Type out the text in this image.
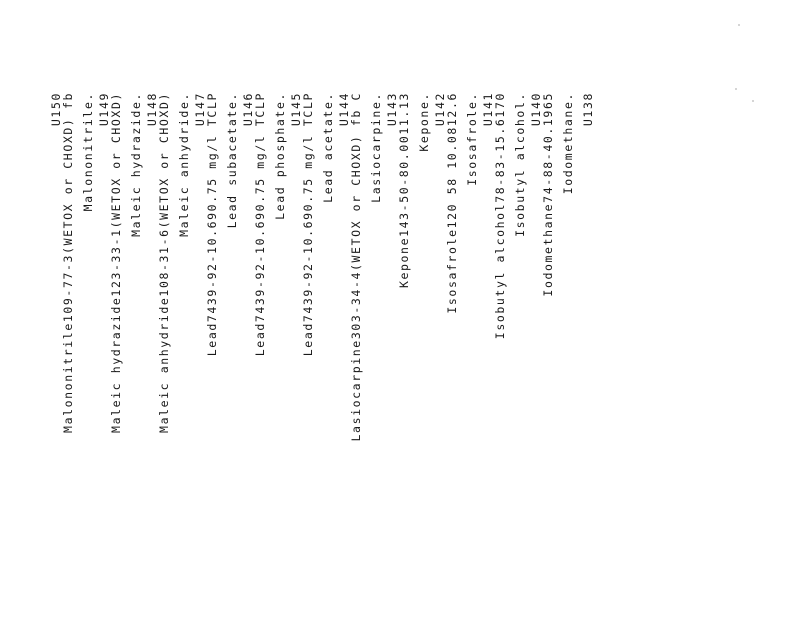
U138
Iodomethane.
Iodomethane74-88-40.1965
U140
Isobutyl alcohol.
Isobutyl alcohol78-83-15.6170
U141
Isosafrole.
Isosafrole120 58 10.0812.6
U142
Kepone.
Kepone143-50-80.0011.13
U143
Lasiocarpine.
Lasiocarpine303-34-4(WETOX or CHOXD) fb C
U144
Lead acetate.
Lead7439-92-10.690.75 mg/l TCLP
U145
Lead phosphate.
Lead7439-92-10.690.75 mg/l TCLP
U146
Lead subacetate.
Lead7439-92-10.690.75 mg/l TCLP
U147
Maleic anhydride.
Maleic anhydride108-31-6(WETOX or CHOXD)
U148
Maleic hydrazide.
Maleic hydrazide123-33-1(WETOX or CHOXD)
U149
Malononitrile.
Malononitrile109-77-3(WETOX or CHOXD) fb
U150
